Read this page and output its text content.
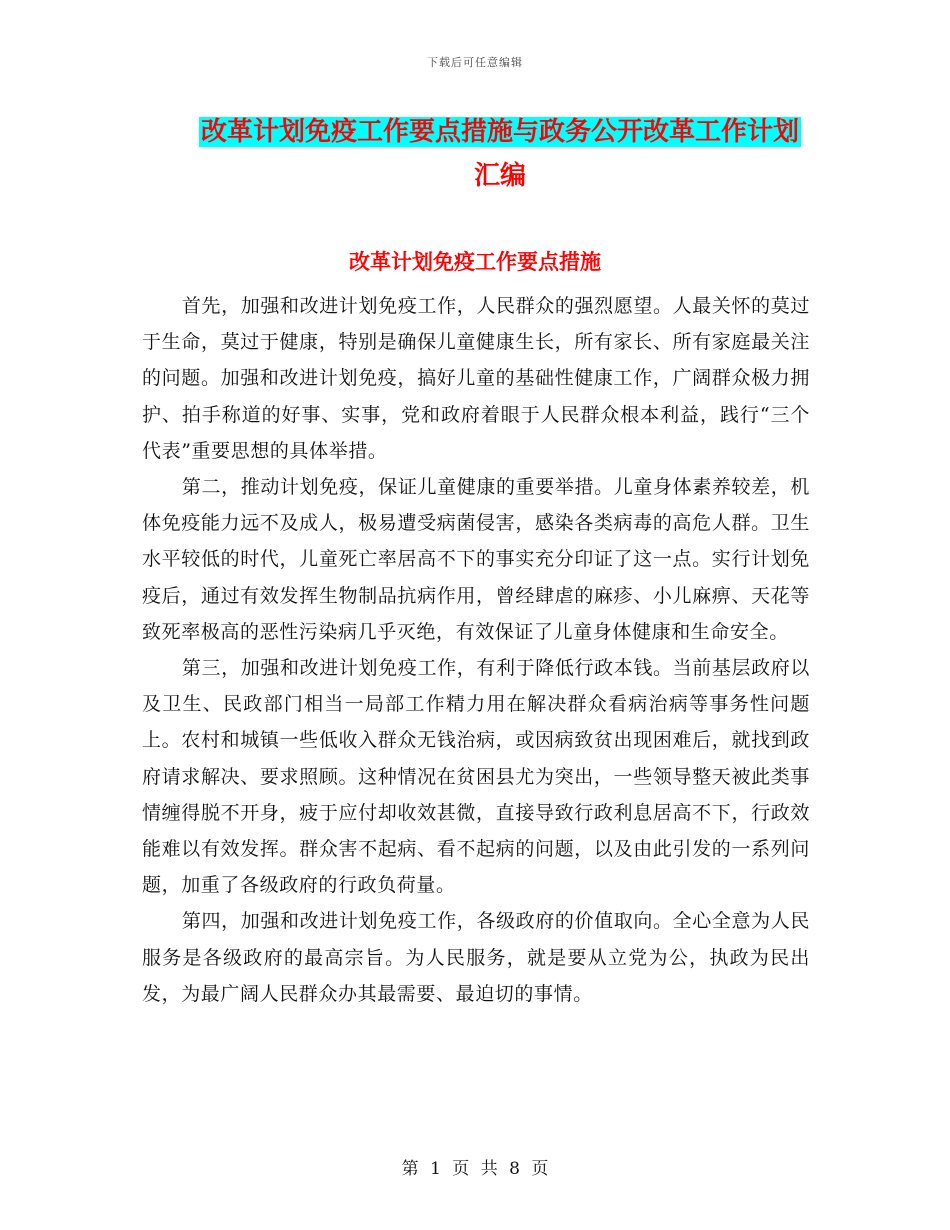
下载后可任意编辑
改革计划免疫工作要点措施与政务公开改革工作计划
汇编
改革计划免疫工作要点措施

首先，加强和改进计划免疫工作，人民群众的强烈愿望。人最关怀的莫过于生命，莫过于健康，特别是确保儿童健康生长，所有家长、所有家庭最关注的问题。加强和改进计划免疫，搞好儿童的基础性健康工作，广阔群众极力拥护、拍手称道的好事、实事，党和政府着眼于人民群众根本利益，践行“三个代表”重要思想的具体举措。

第二，推动计划免疫，保证儿童健康的重要举措。儿童身体素养较差，机体免疫能力远不及成人，极易遭受病菌侵害，感染各类病毒的高危人群。卫生水平较低的时代，儿童死亡率居高不下的事实充分印证了这一点。实行计划免疫后，通过有效发挥生物制品抗病作用，曾经肆虐的麻疹、小儿麻痹、天花等致死率极高的恶性污染病几乎灭绝，有效保证了儿童身体健康和生命安全。

第三，加强和改进计划免疫工作，有利于降低行政本钱。当前基层政府以及卫生、民政部门相当一局部工作精力用在解决群众看病治病等事务性问题上。农村和城镇一些低收入群众无钱治病，或因病致贫出现困难后，就找到政府请求解决、要求照顾。这种情况在贫困县尤为突出，一些领导整天被此类事情缠得脱不开身，疲于应付却收效甚微，直接导致行政利息居高不下，行政效能难以有效发挥。群众害不起病、看不起病的问题，以及由此引发的一系列问题，加重了各级政府的行政负荷量。

第四，加强和改进计划免疫工作，各级政府的价值取向。全心全意为人民服务是各级政府的最高宗旨。为人民服务，就是要从立党为公，执政为民出发，为最广阔人民群众办其最需要、最迫切的事情。

第 1 页 共 8 页
